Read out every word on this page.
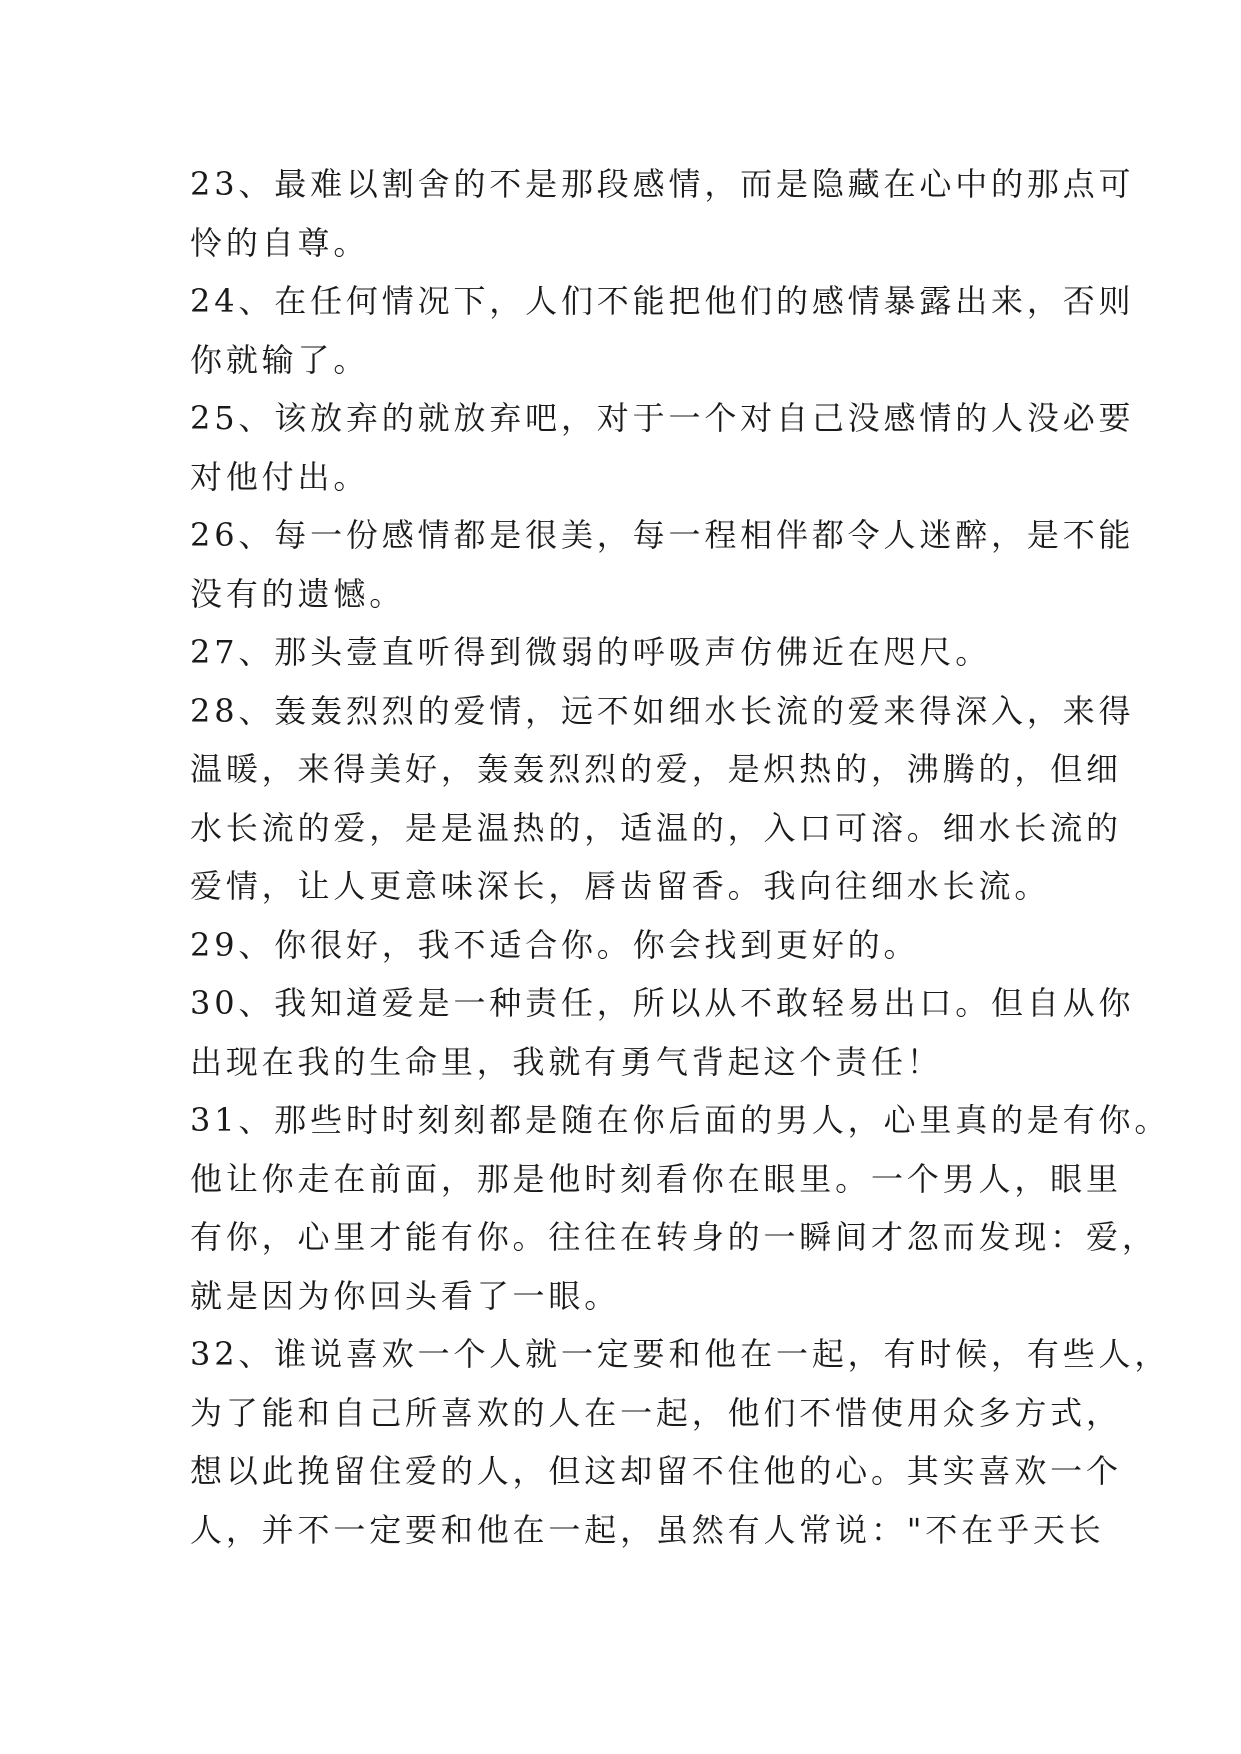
23、最难以割舍的不是那段感情，而是隐藏在心中的那点可
怜的自尊。
24、在任何情况下，人们不能把他们的感情暴露出来，否则
你就输了。
25、该放弃的就放弃吧，对于一个对自己没感情的人没必要
对他付出。
26、每一份感情都是很美，每一程相伴都令人迷醉，是不能
没有的遗憾。
27、那头壹直听得到微弱的呼吸声仿佛近在咫尺。
28、轰轰烈烈的爱情，远不如细水长流的爱来得深入，来得
温暖，来得美好，轰轰烈烈的爱，是炽热的，沸腾的，但细
水长流的爱，是是温热的，适温的，入口可溶。细水长流的
爱情，让人更意味深长，唇齿留香。我向往细水长流。
29、你很好，我不适合你。你会找到更好的。
30、我知道爱是一种责任，所以从不敢轻易出口。但自从你
出现在我的生命里，我就有勇气背起这个责任！
31、那些时时刻刻都是随在你后面的男人，心里真的是有你。
他让你走在前面，那是他时刻看你在眼里。一个男人，眼里
有你，心里才能有你。往往在转身的一瞬间才忽而发现：爱，
就是因为你回头看了一眼。
32、谁说喜欢一个人就一定要和他在一起，有时候，有些人，
为了能和自己所喜欢的人在一起，他们不惜使用众多方式，
想以此挽留住爱的人，但这却留不住他的心。其实喜欢一个
人，并不一定要和他在一起，虽然有人常说："不在乎天长
